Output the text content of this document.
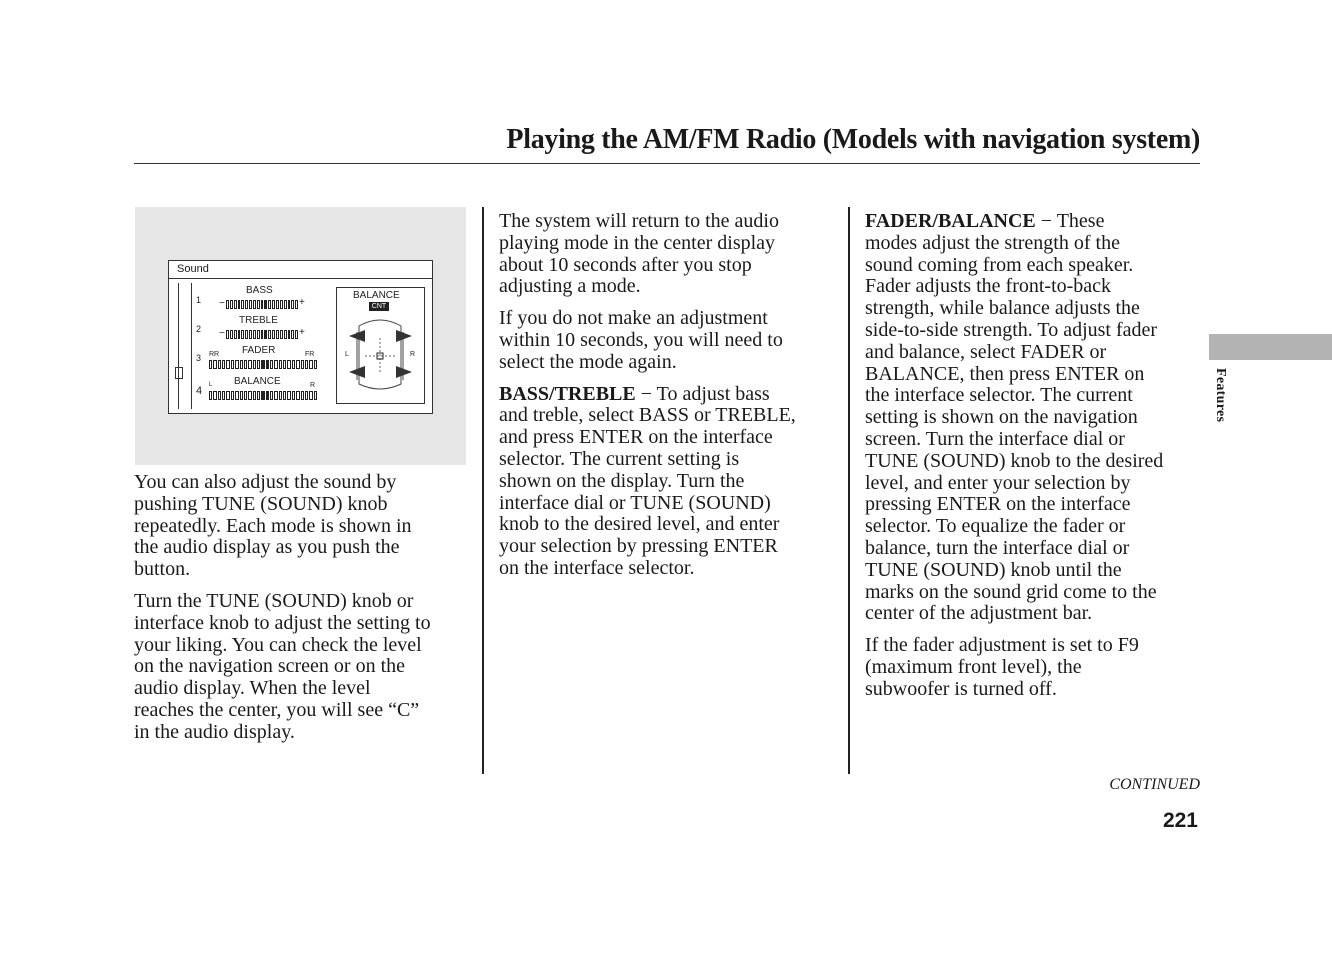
Playing the AM/FM Radio (Models with navigation system)
Sound
1
BASS
−	+
2
TREBLE
−	+
3
FADER
RR	FR
4
BALANCE
L	R
BALANCE
CNT
L	R

You can also adjust the sound by
pushing TUNE (SOUND) knob
repeatedly. Each mode is shown in
the audio display as you push the
button.

Turn the TUNE (SOUND) knob or
interface knob to adjust the setting to
your liking. You can check the level
on the navigation screen or on the
audio display. When the level
reaches the center, you will see “C”
in the audio display.

The system will return to the audio
playing mode in the center display
about 10 seconds after you stop
adjusting a mode.

If you do not make an adjustment
within 10 seconds, you will need to
select the mode again.

BASS/TREBLE − To adjust bass
and treble, select BASS or TREBLE,
and press ENTER on the interface
selector. The current setting is
shown on the display. Turn the
interface dial or TUNE (SOUND)
knob to the desired level, and enter
your selection by pressing ENTER
on the interface selector.

FADER/BALANCE − These
modes adjust the strength of the
sound coming from each speaker.
Fader adjusts the front-to-back
strength, while balance adjusts the
side-to-side strength. To adjust fader
and balance, select FADER or
BALANCE, then press ENTER on
the interface selector. The current
setting is shown on the navigation
screen. Turn the interface dial or
TUNE (SOUND) knob to the desired
level, and enter your selection by
pressing ENTER on the interface
selector. To equalize the fader or
balance, turn the interface dial or
TUNE (SOUND) knob until the
marks on the sound grid come to the
center of the adjustment bar.

If the fader adjustment is set to F9
(maximum front level), the
subwoofer is turned off.

Features
CONTINUED
221
